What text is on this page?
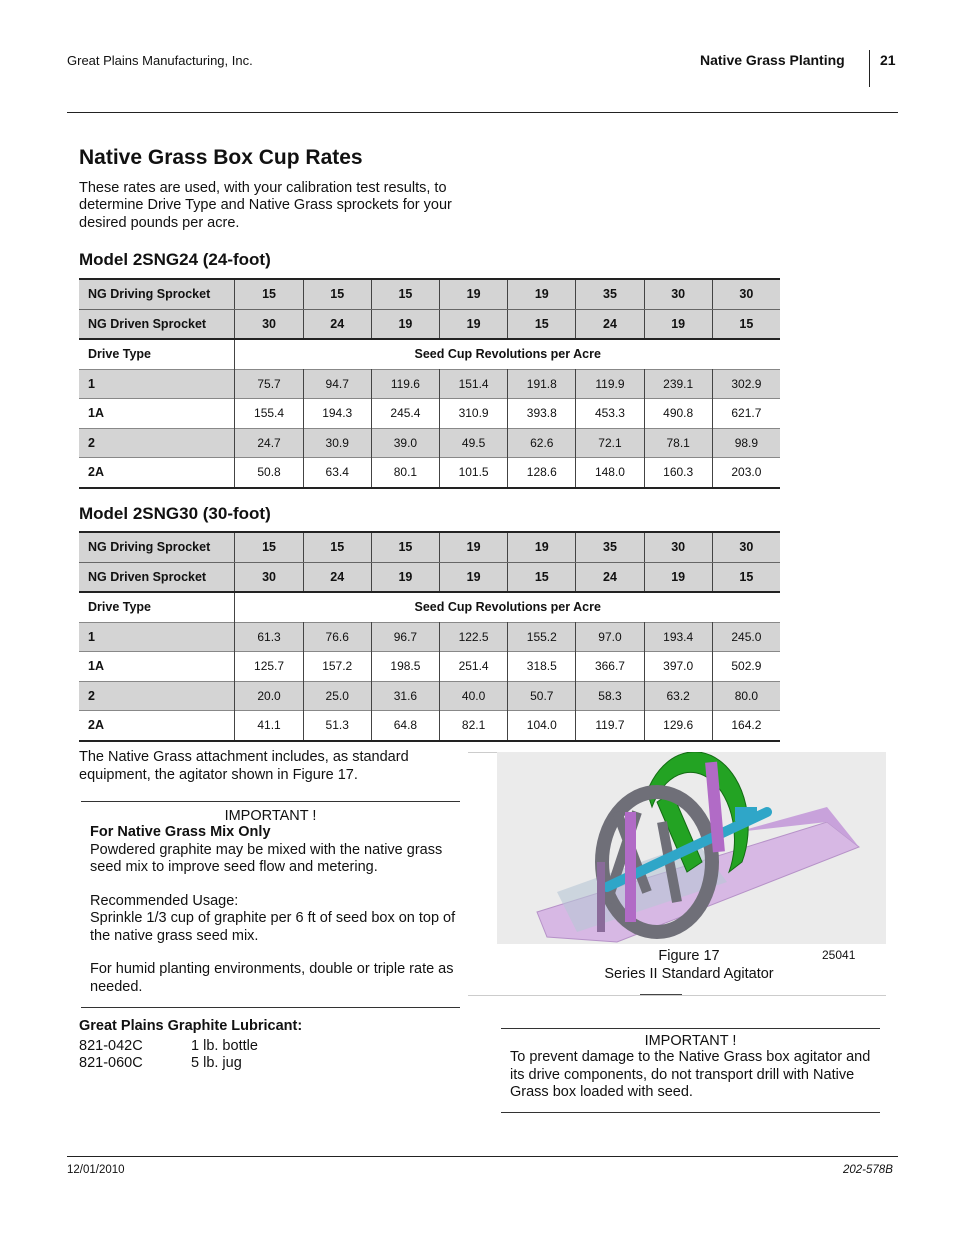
Great Plains Manufacturing, Inc.	Native Grass Planting	21
Native Grass Box Cup Rates
These rates are used, with your calibration test results, to determine Drive Type and Native Grass sprockets for your desired pounds per acre.
Model 2SNG24 (24-foot)
NG Driving Sprocket	15	15	15	19	19	35	30	30
NG Driven Sprocket	30	24	19	19	15	24	19	15
Drive Type	Seed Cup Revolutions per Acre							
1	75.7	94.7	119.6	151.4	191.8	119.9	239.1	302.9
1A	155.4	194.3	245.4	310.9	393.8	453.3	490.8	621.7
2	24.7	30.9	39.0	49.5	62.6	72.1	78.1	98.9
2A	50.8	63.4	80.1	101.5	128.6	148.0	160.3	203.0
Model 2SNG30 (30-foot)
NG Driving Sprocket	15	15	15	19	19	35	30	30
NG Driven Sprocket	30	24	19	19	15	24	19	15
Drive Type	Seed Cup Revolutions per Acre							
1	61.3	76.6	96.7	122.5	155.2	97.0	193.4	245.0
1A	125.7	157.2	198.5	251.4	318.5	366.7	397.0	502.9
2	20.0	25.0	31.6	40.0	50.7	58.3	63.2	80.0
2A	41.1	51.3	64.8	82.1	104.0	119.7	129.6	164.2
The Native Grass attachment includes, as standard equipment, the agitator shown in Figure 17.
IMPORTANT !
For Native Grass Mix Only
Powdered graphite may be mixed with the native grass seed mix to improve seed flow and metering.
Recommended Usage:
Sprinkle 1/3 cup of graphite per 6 ft of seed box on top of the native grass seed mix.
For humid planting environments, double or triple rate as needed.
Great Plains Graphite Lubricant:
821-042C	1 lb. bottle
821-060C	5 lb. jug
Figure 17
Series II Standard Agitator
25041
IMPORTANT !
To prevent damage to the Native Grass box agitator and its drive components, do not transport drill with Native Grass box loaded with seed.
12/01/2010	202-578B
